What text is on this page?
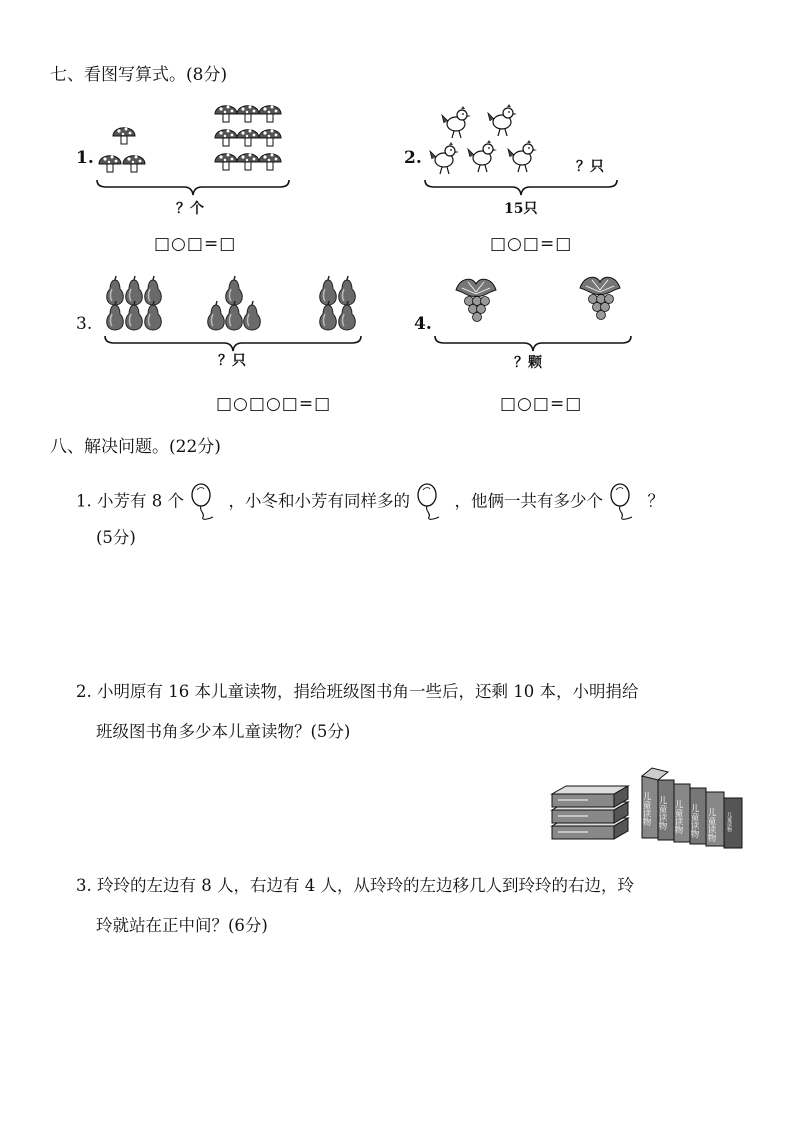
七、看图写算式。(8分)
1.
？个
□○□=□
2.	？只
15只
□○□=□
3.
？只
□○□○□=□
4.
？颗
□○□=□
八、解决问题。(22分)
1. 小芳有 8 个	，小冬和小芳有同样多的	，他俩一共有多少个	？
(5分)
2. 小明原有 16 本儿童读物，捐给班级图书角一些后，还剩 10 本，小明捐给
班级图书角多少本儿童读物？(5分)
儿童读物 儿童读物 儿童读物 儿童读物 儿童读物 儿童读物
3. 玲玲的左边有 8 人，右边有 4 人，从玲玲的左边移几人到玲玲的右边，玲
玲就站在正中间？(6分)
